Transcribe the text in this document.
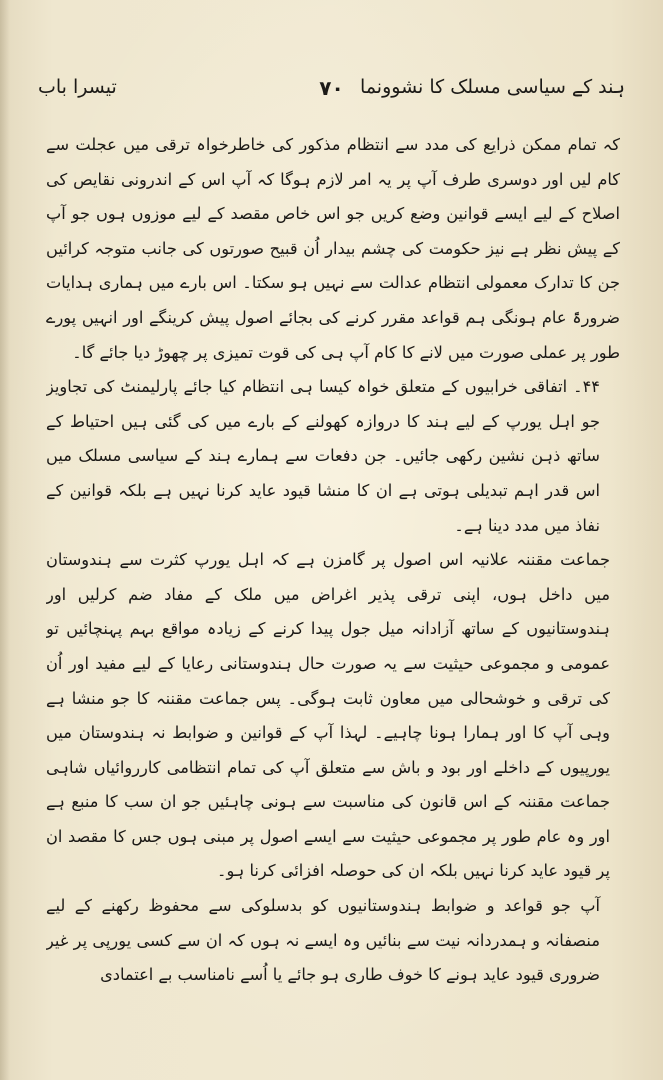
ہند کے سیاسی مسلک کا نشوونما
۷۰
تیسرا باب

کہ تمام ممکن ذرایع کی مدد سے انتظام مذکور کی خاطرخواہ ترقی میں عجلت سے کام لیں اور دوسری طرف آپ پر یہ امر لازم ہوگا کہ آپ اس کے اندرونی نقایص کی اصلاح کے لیے ایسے قوانین وضع کریں جو اس خاص مقصد کے لیے موزوں ہوں جو آپ کے پیش نظر ہے نیز حکومت کی چشم بیدار اُن قبیح صورتوں کی جانب متوجہ کرائیں جن کا تدارک معمولی انتظام عدالت سے نہیں ہو سکتا۔ اس بارے میں ہماری ہدایات ضرورۃً عام ہونگی ہم قواعد مقرر کرنے کی بجائے اصول پیش کرینگے اور انہیں پورے طور پر عملی صورت میں لانے کا کام آپ ہی کی قوت تمیزی پر چھوڑ دیا جائے گا۔

۴۴۔ اتفاقی خرابیوں کے متعلق خواہ کیسا ہی انتظام کیا جائے پارلیمنٹ کی تجاویز جو اہل یورپ کے لیے ہند کا دروازہ کھولنے کے بارے میں کی گئی ہیں احتیاط کے ساتھ ذہن نشین رکھی جائیں۔ جن دفعات سے ہمارے ہند کے سیاسی مسلک میں اس قدر اہم تبدیلی ہوتی ہے ان کا منشا قیود عاید کرنا نہیں ہے بلکہ قوانین کے نفاذ میں مدد دینا ہے۔

جماعت مقننہ علانیہ اس اصول پر گامزن ہے کہ اہل یورپ کثرت سے ہندوستان میں داخل ہوں، اپنی ترقی پذیر اغراض میں ملک کے مفاد ضم کرلیں اور ہندوستانیوں کے ساتھ آزادانہ میل جول پیدا کرنے کے زیادہ مواقع بہم پہنچائیں تو عمومی و مجموعی حیثیت سے یہ صورت حال ہندوستانی رعایا کے لیے مفید اور اُن کی ترقی و خوشحالی میں معاون ثابت ہوگی۔ پس جماعت مقننہ کا جو منشا ہے وہی آپ کا اور ہمارا ہونا چاہیے۔ لہذا آپ کے قوانین و ضوابط نہ ہندوستان میں یورپیوں کے داخلے اور بود و باش سے متعلق آپ کی تمام انتظامی کارروائیاں شاہی جماعت مقننہ کے اس قانون کی مناسبت سے ہونی چاہئیں جو ان سب کا منبع ہے اور وہ عام طور پر مجموعی حیثیت سے ایسے اصول پر مبنی ہوں جس کا مقصد ان پر قیود عاید کرنا نہیں بلکہ ان کی حوصلہ افزائی کرنا ہو۔

آپ جو قواعد و ضوابط ہندوستانیوں کو بدسلوکی سے محفوظ رکھنے کے لیے منصفانہ و ہمدردانہ نیت سے بنائیں وہ ایسے نہ ہوں کہ ان سے کسی یورپی پر غیر ضروری قیود عاید ہونے کا خوف طاری ہو جائے یا اُسے نامناسب بے اعتمادی
